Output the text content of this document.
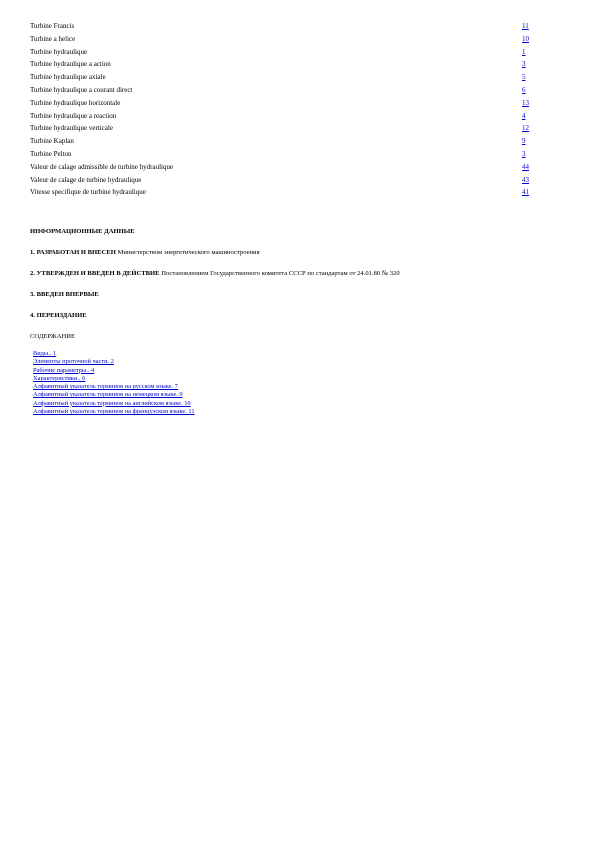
Turbine Francis	11
Turbine a helice	10
Turbine hydraulique	1
Turbine hydraulique a action	3
Turbine hydraulique axiale	5
Turbine hydraulique a courant direct	6
Turbine hydraulique horizontale	13
Turbine hydraulique a reaction	4
Turbine hydraulique verticale	12
Turbine Kaplan	9
Turbine Pelton	3
Valeur de calage admissible de turbine hydraulique	44
Valeur de calage de turbine hydraulique	43
Vitesse specifique de turbine hydraulique	41

ИНФОРМАЦИОННЫЕ ДАННЫЕ

1. РАЗРАБОТАН И ВНЕСЕН Министерством энергетического машиностроения

2. УТВЕРЖДЕН И ВВЕДЕН В ДЕЙСТВИЕ Постановлением Государственного комитета СССР по стандартам от 24.01.80 № 320

3. ВВЕДЕН ВПЕРВЫЕ

4. ПЕРЕИЗДАНИЕ

СОДЕРЖАНИЕ

Виды.. 1
Элементы проточной части. 2
Рабочие параметры.. 4
Характеристики.. 6
Алфавитный указатель терминов на русском языке. 7
Алфавитный указатель терминов на немецком языке. 9
Алфавитный указатель терминов на английском языке. 10
Алфавитный указатель терминов на французском языке. 11
